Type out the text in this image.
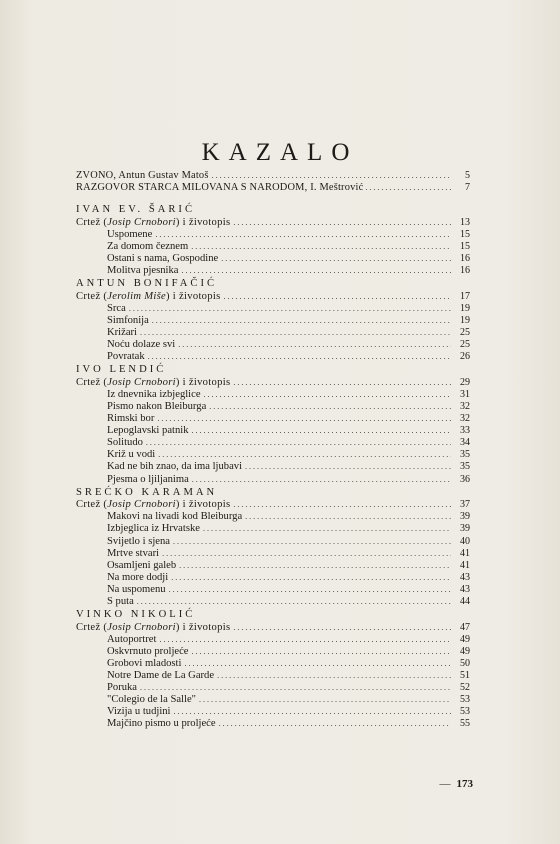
KAZALO
ZVONO, Antun Gustav Matoš . . .	5
RAZGOVOR STARCA MILOVANA S NARODOM, I. Meštrović . . .	7
IVAN EV. ŠARIĆ
Crtež (Josip Crnobori) i životopis . . .	13
Uspomene . . .	15
Za domom čeznem . . .	15
Ostani s nama, Gospodine . . .	16
Molitva pjesnika . . .	16
ANTUN BONIFAČIĆ
Crtež (Jerolim Miše) i životopis . . .	17
Srca . . .	19
Simfonija . . .	19
Križari . . .	25
Noću dolaze svi . . .	25
Povratak . . .	26
IVO LENDIĆ
Crtež (Josip Crnobori) i životopis . . .	29
Iz dnevnika izbjeglice . . .	31
Pismo nakon Bleiburga . . .	32
Rimski bor . . .	32
Lepoglavski patnik . . .	33
Solitudo . . .	34
Križ u vodi . . .	35
Kad ne bih znao, da ima ljubavi . . .	35
Pjesma o ljiljanima . . .	36
SREĆKO KARAMAN
Crtež (Josip Crnobori) i životopis . . .	37
Makovi na livadi kod Bleiburga . . .	39
Izbjeglica iz Hrvatske . . .	39
Svijetlo i sjena . . .	40
Mrtve stvari . . .	41
Osamljeni galeb . . .	41
Na more dodji . . .	43
Na uspomenu . . .	43
S puta . . .	44
VINKO NIKOLIĆ
Crtež (Josip Crnobori) i životopis . . .	47
Autoportret . . .	49
Oskvrnuto proljeće . . .	49
Grobovi mladosti . . .	50
Notre Dame de La Garde . . .	51
Poruka . . .	52
"Colegio de la Salle" . . .	53
Vizija u tudjini . . .	53
Majčino pismo u proljeće . . .	55
— 173
